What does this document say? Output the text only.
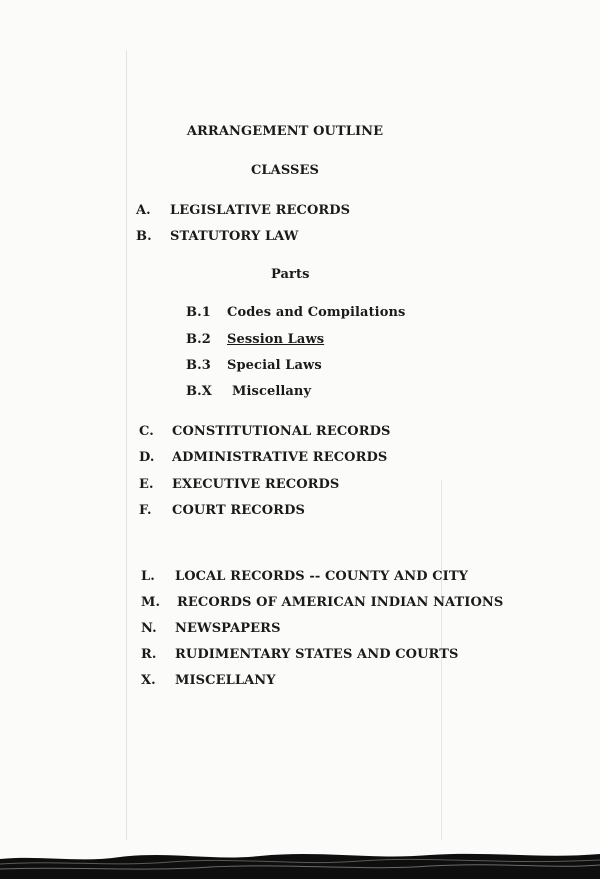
ARRANGEMENT OUTLINE
CLASSES
A.	LEGISLATIVE RECORDS
B.	STATUTORY LAW
Parts
B.1	Codes and Compilations
B.2	Session Laws
B.3	Special Laws
B.X	Miscellany
C.	CONSTITUTIONAL RECORDS
D.	ADMINISTRATIVE RECORDS
E.	EXECUTIVE RECORDS
F.	COURT RECORDS
L.	LOCAL RECORDS -- COUNTY AND CITY
M.	RECORDS OF AMERICAN INDIAN NATIONS
N.	NEWSPAPERS
R.	RUDIMENTARY STATES AND COURTS
X.	MISCELLANY
